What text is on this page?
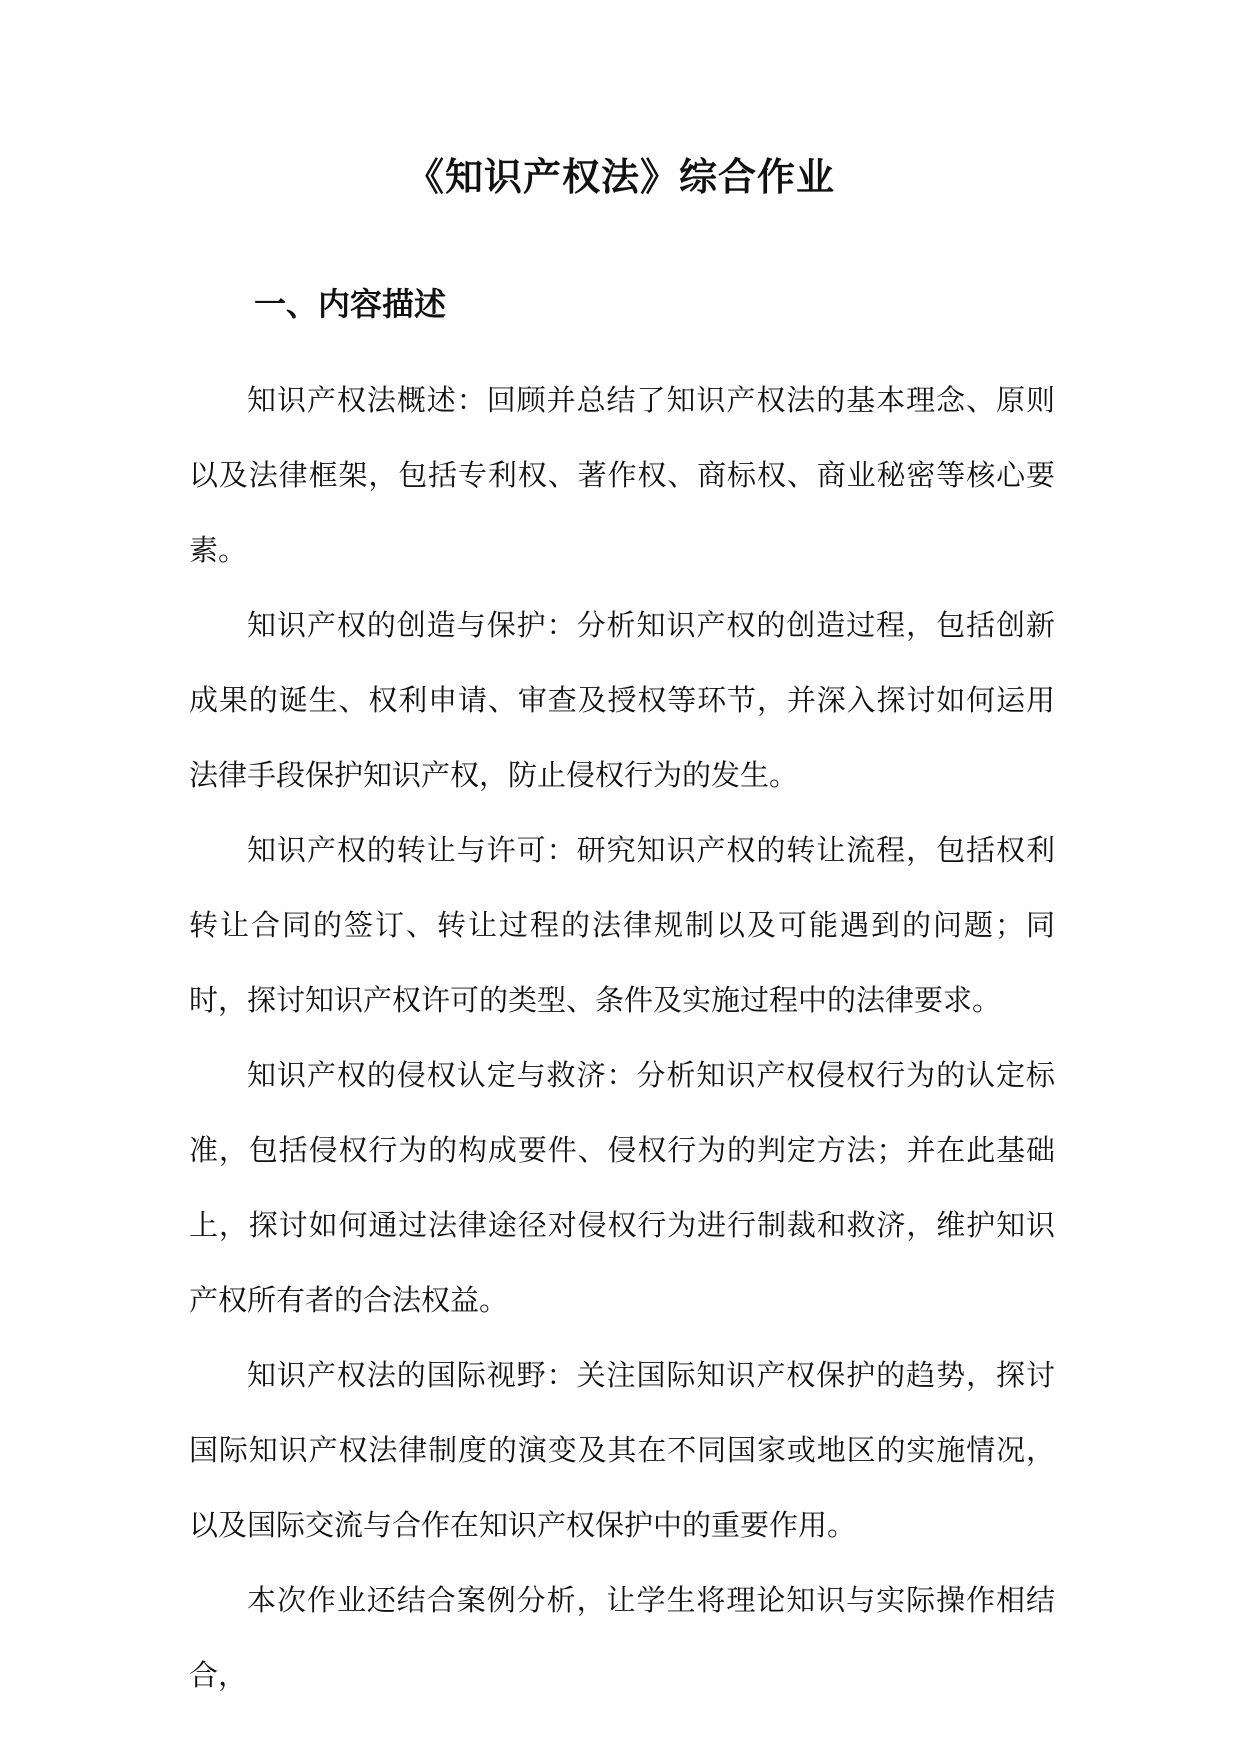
《知识产权法》综合作业
一、内容描述

知识产权法概述：回顾并总结了知识产权法的基本理念、原则以及法律框架，包括专利权、著作权、商标权、商业秘密等核心要素。

知识产权的创造与保护：分析知识产权的创造过程，包括创新成果的诞生、权利申请、审查及授权等环节，并深入探讨如何运用法律手段保护知识产权，防止侵权行为的发生。

知识产权的转让与许可：研究知识产权的转让流程，包括权利转让合同的签订、转让过程的法律规制以及可能遇到的问题；同时，探讨知识产权许可的类型、条件及实施过程中的法律要求。

知识产权的侵权认定与救济：分析知识产权侵权行为的认定标准，包括侵权行为的构成要件、侵权行为的判定方法；并在此基础上，探讨如何通过法律途径对侵权行为进行制裁和救济，维护知识产权所有者的合法权益。

知识产权法的国际视野：关注国际知识产权保护的趋势，探讨国际知识产权法律制度的演变及其在不同国家或地区的实施情况，以及国际交流与合作在知识产权保护中的重要作用。

本次作业还结合案例分析，让学生将理论知识与实际操作相结合，
